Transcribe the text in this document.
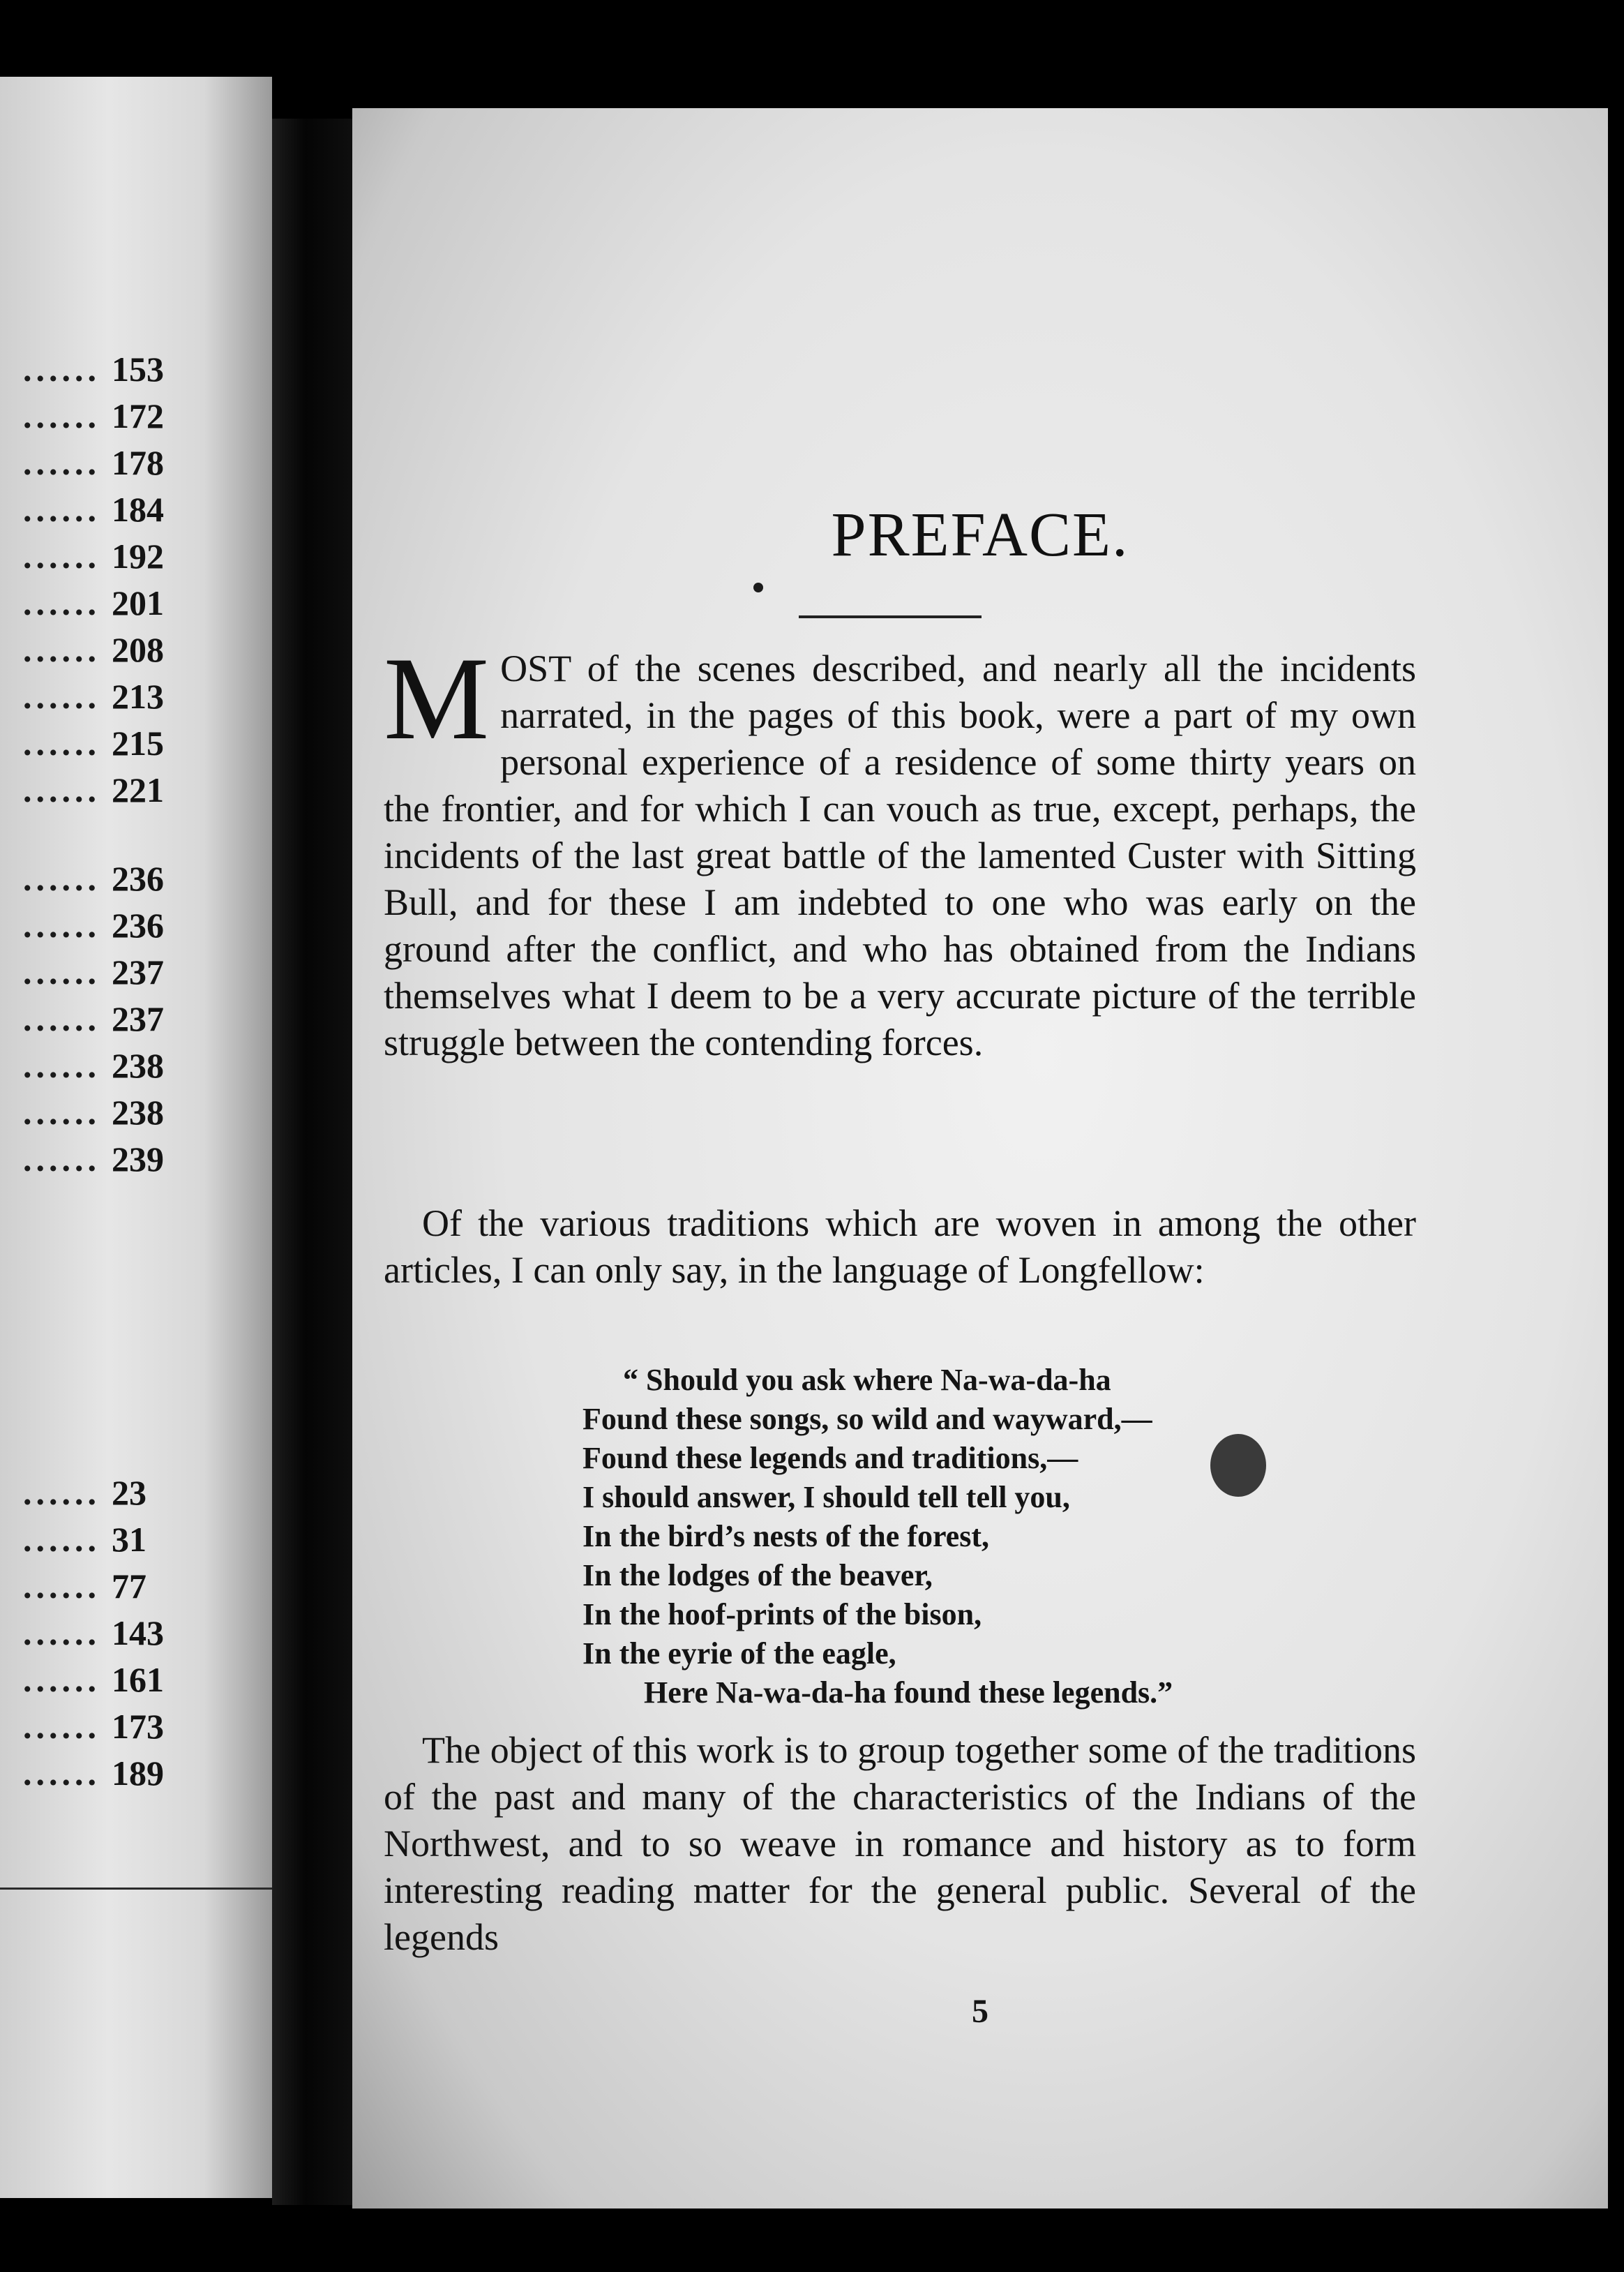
...... 153
...... 172
...... 178
...... 184
...... 192
...... 201
...... 208
...... 213
...... 215
...... 221
...... 236
...... 236
...... 237
...... 237
...... 238
...... 238
...... 239
...... 23
...... 31
...... 77
...... 143
...... 161
...... 173
...... 189
PREFACE.

M OST of the scenes described, and nearly all the incidents narrated, in the pages of this book, were a part of my own personal experience of a residence of some thirty years on the frontier, and for which I can vouch as true, except, perhaps, the incidents of the last great battle of the lamented Custer with Sitting Bull, and for these I am indebted to one who was early on the ground after the conflict, and who has obtained from the Indians themselves what I deem to be a very accurate picture of the terrible struggle between the contending forces.

Of the various traditions which are woven in among the other articles, I can only say, in the language of Longfellow:

“ Should you ask where Na-wa-da-ha
Found these songs, so wild and wayward,—
Found these legends and traditions,—
I should answer, I should tell tell you,
In the bird’s nests of the forest,
In the lodges of the beaver,
In the hoof-prints of the bison,
In the eyrie of the eagle,
Here Na-wa-da-ha found these legends.”

The object of this work is to group together some of the traditions of the past and many of the characteristics of the Indians of the Northwest, and to so weave in romance and history as to form interesting reading matter for the general public. Several of the legends

5
